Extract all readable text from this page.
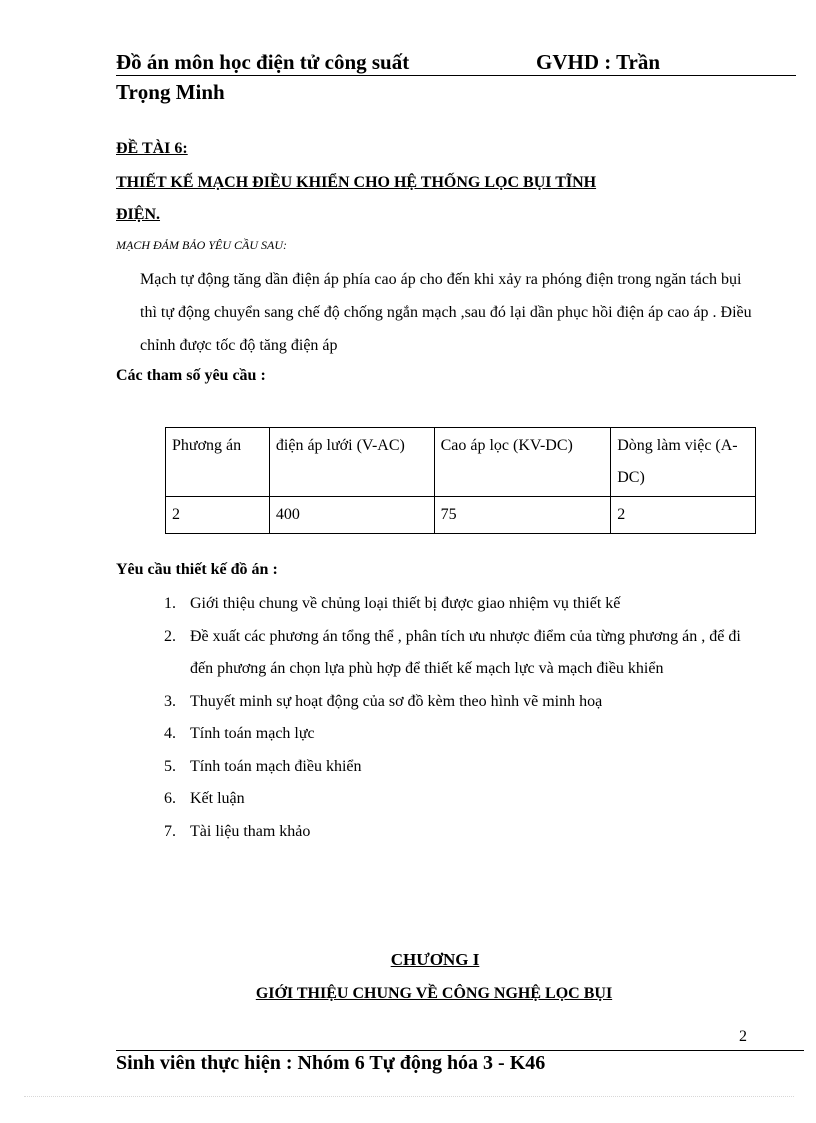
Đồ án môn học điện tử công suất	GVHD : Trần
Trọng Minh
ĐỀ TÀI 6:
THIẾT KẾ MẠCH ĐIỀU KHIỂN CHO HỆ THỐNG LỌC BỤI TĨNH
ĐIỆN.
MẠCH ĐẢM BẢO YÊU CẦU SAU:
Mạch tự động tăng dần điện áp phía cao áp cho đến khi xảy ra phóng điện trong ngăn tách bụi thì tự động chuyển sang chế độ chống ngắn mạch ,sau đó lại dần phục hồi điện áp cao áp . Điều chỉnh được tốc độ tăng điện áp
Các tham số yêu cầu :
Phương án	điện áp lưới (V-AC)	Cao áp lọc (KV-DC)	Dòng làm việc (A-DC)
2	400	75	2
Yêu cầu thiết kế đồ án :
1. Giới thiệu chung về chủng loại thiết bị được giao nhiệm vụ thiết kế
2. Đề xuất các phương án tổng thể , phân tích ưu nhược điểm của từng phương án , để đi đến phương án chọn lựa phù hợp để thiết kế mạch lực và mạch điều khiển
3. Thuyết minh sự hoạt động của sơ đồ kèm theo hình vẽ minh hoạ
4. Tính toán mạch lực
5. Tính toán mạch điều khiển
6. Kết luận
7. Tài liệu tham khảo
CHƯƠNG I
GIỚI THIỆU CHUNG VỀ CÔNG NGHỆ LỌC BỤI
2
Sinh viên thực hiện : Nhóm 6 Tự động hóa 3 - K46
